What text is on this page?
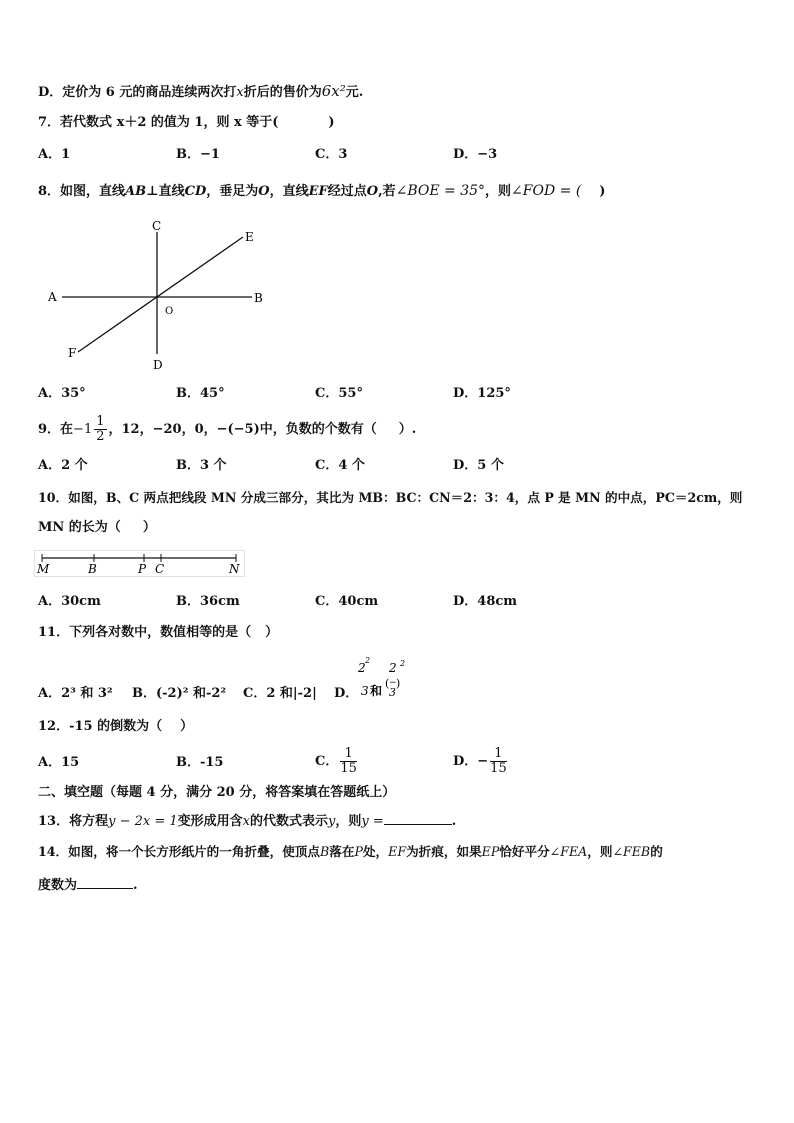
D．定价为 6 元的商品连续两次打x折后的售价为6x²元.
7．若代数式 x＋2 的值为 1，则 x 等于(	)
A．1	B．−1	C．3	D．−3
8．如图，直线AB⊥直线CD，垂足为O，直线EF经过点O,若∠BOE = 35°，则∠FOD = ( )
C
E
A	B
O
F
D
A．35°	B．45°	C．55°	D．125°
9．在$-1 \frac{1}{2}$ ，12，−20，0，−(−5)中，负数的个数有（ ）.
A．2 个	B．3 个	C．4 个	D．5 个
10．如图，B、C 两点把线段 MN 分成三部分，其比为 MB：BC：CN＝2：3：4，点 P 是 MN 的中点，PC＝2cm，则
MN 的长为（ ）
M	B	P C	N
A．30cm	B．36cm	C．40cm	D．48cm
11．下列各对数中，数值相等的是（ ）
A．2³ 和 3² B．(-2)² 和-2² C．2 和|-2| D．
2
2
3 和
2 2
( − )
3
12．-15 的倒数为（ ）
A．15	B．-15	C． $\frac{1}{15}$	D．− $\frac{1}{15}$
二、填空题（每题 4 分，满分 20 分，将答案填在答题纸上）
13．将方程y − 2x = 1变形成用含x的代数式表示y，则y =	.
14．如图，将一个长方形纸片的一角折叠，使顶点B落在P处，EF为折痕，如果EP恰好平分∠FEA，则∠FEB的
度数为	.
